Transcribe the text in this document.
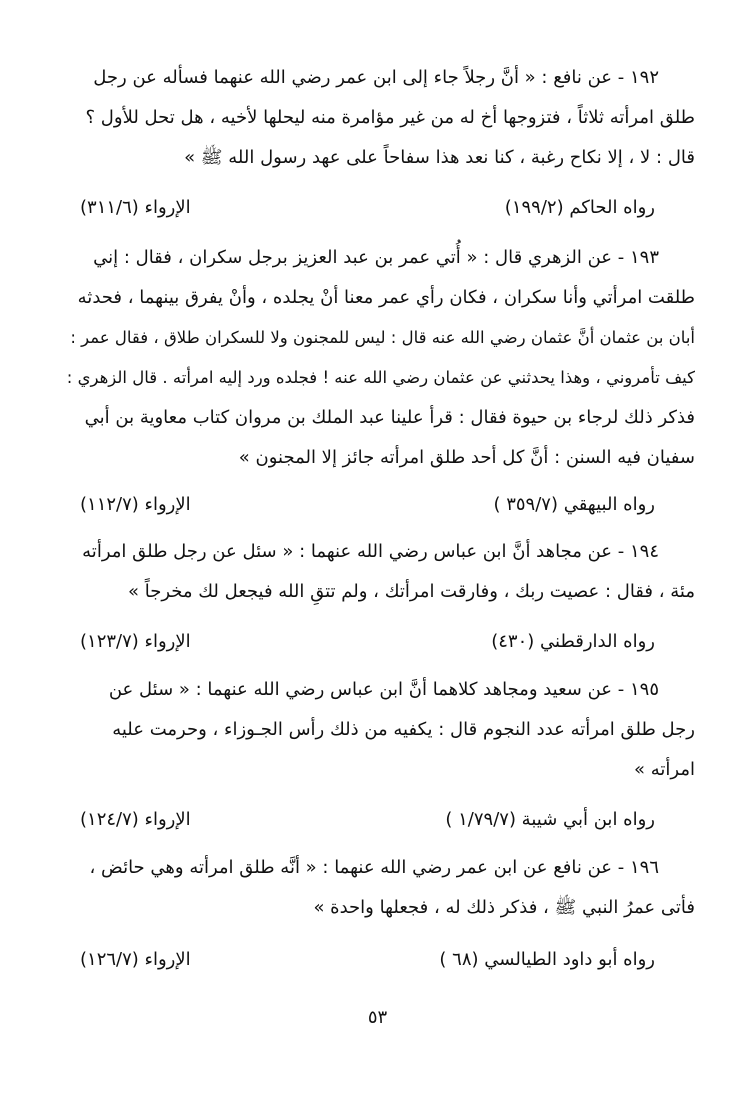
١٩٢ - عن نافع : « أنَّ رجلاً جاء إلى ابن عمر رضي الله عنهما فسأله عن رجل
طلق امرأته ثلاثاً ، فتزوجها أخ له من غير مؤامرة منه ليحلها لأخيه ، هل تحل للأول ؟
قال : لا ، إلا نكاح رغبة ، كنا نعد هذا سفاحاً على عهد رسول الله ﷺ »
رواه الحاكم (١٩٩/٢)
الإرواء (٣١١/٦)
١٩٣ - عن الزهري قال : « أُتي عمر بن عبد العزيز برجل سكران ، فقال : إني
طلقت امرأتي وأنا سكران ، فكان رأي عمر معنا أنْ يجلده ، وأنْ يفرق بينهما ، فحدثه
أبان بن عثمان أنَّ عثمان رضي الله عنه قال : ليس للمجنون ولا للسكران طلاق ، فقال عمر :
كيف تأمروني ، وهذا يحدثني عن عثمان رضي الله عنه ! فجلده ورد إليه امرأته . قال الزهري :
فذكر ذلك لرجاء بن حيوة فقال : قرأ علينا عبد الملك بن مروان كتاب معاوية بن أبي
سفيان فيه السنن : أنَّ كل أحد طلق امرأته جائز إلا المجنون »
رواه البيهقي (٣٥٩/٧ )
الإرواء (١١٢/٧)
١٩٤ - عن مجاهد أنَّ ابن عباس رضي الله عنهما : « سئل عن رجل طلق امرأته
مئة ، فقال : عصيت ربك ، وفارقت امرأتك ، ولم تتقِ الله فيجعل لك مخرجاً »
رواه الدارقطني (٤٣٠)
الإرواء (١٢٣/٧)
١٩٥ - عن سعيد ومجاهد كلاهما أنَّ ابن عباس رضي الله عنهما : « سئل عن
رجل طلق امرأته عدد النجوم قال : يكفيه من ذلك رأس الجـوزاء ، وحرمت عليه
امرأته »
رواه ابن أبي شيبة (١/٧٩/٧ )
الإرواء (١٢٤/٧)
١٩٦ - عن نافع عن ابن عمر رضي الله عنهما : « أنَّه طلق امرأته وهي حائض ،
فأتى عمرُ النبي ﷺ ، فذكر ذلك له ، فجعلها واحدة »
رواه أبو داود الطيالسي (٦٨ )
الإرواء (١٢٦/٧)
٥٣
